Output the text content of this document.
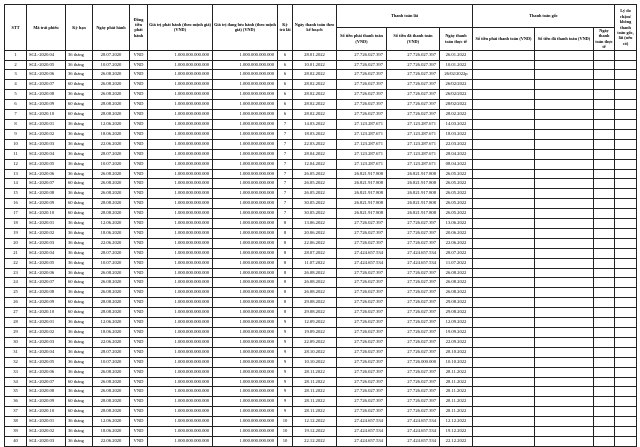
STT	Mã trái phiếu	Kỳ hạn	Ngày phát hành	Đồng tiền phát hành	Giá trị phát hành (theo mệnh giá) (VND)	Giá trị đang lưu hành (theo mệnh giá) (VND)	Kỳ trả lãi	Ngày thanh toán theo kế hoạch	Thanh toán lãi			Thanh toán gốc			Lý do chậm/ không thanh toán gốc, lãi (nếu có)
									Số tiền phải thanh toán (VND)	Số tiền đã thanh toán (VND)	Ngày thanh toán thực tế	Số tiền phải thanh toán (VND)	Số tiền đã thanh toán (VND)	Ngày thanh toán thực tế	
1	SGL-2020.04	36 tháng	28.07.2020	VND	1.000.000.000.000	1.000.000.000.000	6	28.01.2022	27.726.027.397	27.726.027.397	26.01.2022				
2	SGL-2020.05	36 tháng	10.07.2020	VND	1.000.000.000.000	1.000.000.000.000	6	10.01.2022	27.726.027.397	27.726.027.397	10.01.2022				
3	SGL-2020.06	36 tháng	26.08.2020	VND	1.000.000.000.000	1.000.000.000.000	6	28.02.2022	27.726.027.397	27.726.027.397	26/02/2022p				
4	SGL-2020.07	60 tháng	26.08.2020	VND	1.000.000.000.000	1.000.000.000.000	6	28.02.2022	27.726.027.397	27.726.027.397	26/02/2022				
5	SGL-2020.08	36 tháng	26.08.2020	VND	1.000.000.000.000	1.000.000.000.000	6	28.02.2022	27.726.027.397	27.726.027.397	26/02/2022				
6	SGL-2020.09	60 tháng	28.08.2020	VND	1.000.000.000.000	1.000.000.000.000	6	28.02.2022	27.726.027.397	27.726.027.397	28/02/2022				
7	SGL-2020.10	60 tháng	28.08.2020	VND	1.000.000.000.000	1.000.000.000.000	6	28.02.2022	27.726.027.397	27.726.027.397	28.02.2022				
8	SGL-2020.01	36 tháng	12.06.2020	VND	1.000.000.000.000	1.000.000.000.000	7	14.03.2022	27.123.287.671	27.123.287.671	14.03.2022				
9	SGL-2020.02	36 tháng	18.06.2020	VND	1.000.000.000.000	1.000.000.000.000	7	18.03.2022	27.123.287.671	27.123.287.671	18.03.2022				
10	SGL-2020.03	36 tháng	22.06.2020	VND	1.000.000.000.000	1.000.000.000.000	7	22.03.2022	27.123.287.671	27.123.287.671	22.03.2022				
11	SGL-2020.04	36 tháng	28.07.2020	VND	1.000.000.000.000	1.000.000.000.000	7	28.04.2022	27.123.287.671	27.123.287.671	28.04.2022				
12	SGL-2020.05	36 tháng	10.07.2020	VND	1.000.000.000.000	1.000.000.000.000	7	12.04.2022	27.123.287.671	27.123.287.671	08.04.2022				
13	SGL-2020.06	36 tháng	26.08.2020	VND	1.000.000.000.000	1.000.000.000.000	7	26.05.2022	26.821.917.808	26.821.917.808	26.05.2022				
14	SGL-2020.07	60 tháng	26.08.2020	VND	1.000.000.000.000	1.000.000.000.000	7	26.05.2022	26.821.917.808	26.821.917.808	26.05.2022				
15	SGL-2020.08	36 tháng	26.08.2020	VND	1.000.000.000.000	1.000.000.000.000	7	26.05.2022	26.821.917.808	26.821.917.808	26.05.2022				
16	SGL-2020.09	60 tháng	28.08.2020	VND	1.000.000.000.000	1.000.000.000.000	7	30.05.2022	26.821.917.808	26.821.917.808	26.05.2022				
17	SGL-2020.10	60 tháng	28.08.2020	VND	1.000.000.000.000	1.000.000.000.000	7	30.05.2022	26.821.917.808	26.821.917.808	26.05.2022				
18	SGL-2020.01	36 tháng	12.06.2020	VND	1.000.000.000.000	1.000.000.000.000	8	13.06.2022	27.726.027.397	27.726.027.397	13.06.2022				
19	SGL-2020.02	36 tháng	18.06.2020	VND	1.000.000.000.000	1.000.000.000.000	8	20.06.2022	27.726.027.397	27.726.027.397	20.06.2022				
20	SGL-2020.03	36 tháng	22.06.2020	VND	1.000.000.000.000	1.000.000.000.000	8	22.06.2022	27.726.027.397	27.726.027.397	22.06.2022				
21	SGL-2020.04	36 tháng	28.07.2020	VND	1.000.000.000.000	1.000.000.000.000	8	28.07.2022	27.424.657.534	27.424.657.534	28.07.2022				
22	SGL-2020.05	36 tháng	10.07.2020	VND	1.000.000.000.000	1.000.000.000.000	8	11.07.2022	27.424.657.534	27.424.657.534	11.07.2022				
23	SGL-2020.06	36 tháng	26.08.2020	VND	1.000.000.000.000	1.000.000.000.000	8	26.08.2022	27.726.027.397	27.726.027.397	26.08.2022				
24	SGL-2020.07	60 tháng	26.08.2020	VND	1.000.000.000.000	1.000.000.000.000	8	26.08.2022	27.726.027.397	27.726.027.397	26.08.2022				
25	SGL-2020.08	36 tháng	26.08.2020	VND	1.000.000.000.000	1.000.000.000.000	8	26.08.2022	27.726.027.397	27.726.027.397	26.08.2022				
26	SGL-2020.09	60 tháng	28.08.2020	VND	1.000.000.000.000	1.000.000.000.000	8	29.08.2022	27.726.027.397	27.726.027.397	29.08.2022				
27	SGL-2020.10	60 tháng	28.08.2020	VND	1.000.000.000.000	1.000.000.000.000	8	29.08.2022	27.726.027.397	27.726.027.397	29.08.2022				
28	SGL-2020.01	36 tháng	12.06.2020	VND	1.000.000.000.000	1.000.000.000.000	9	12.09.2022	27.726.027.397	27.726.027.397	12.09.2022				
29	SGL-2020.02	36 tháng	18.06.2020	VND	1.000.000.000.000	1.000.000.000.000	9	19.09.2022	27.726.027.397	27.726.027.397	19.09.2022				
30	SGL-2020.03	36 tháng	22.06.2020	VND	1.000.000.000.000	1.000.000.000.000	9	22.09.2022	27.726.027.397	27.726.027.397	22.09.2022				
31	SGL-2020.04	36 tháng	28.07.2020	VND	1.000.000.000.000	1.000.000.000.000	9	28.10.2022	27.726.027.397	27.726.027.397	28.10.2022				
32	SGL-2020.05	36 tháng	10.07.2020	VND	1.000.000.000.000	1.000.000.000.000	9	10.10.2022	27.726.027.397	27.726.000.000	10.10.2022				
33	SGL-2020.06	36 tháng	26.08.2020	VND	1.000.000.000.000	1.000.000.000.000	9	28.11.2022	27.726.027.397	27.726.027.397	28.11.2022				
34	SGL-2020.07	60 tháng	26.08.2020	VND	1.000.000.000.000	1.000.000.000.000	9	28.11.2022	27.726.027.397	27.726.027.397	28.11.2022				
35	SGL-2020.08	36 tháng	26.08.2020	VND	1.000.000.000.000	1.000.000.000.000	9	28.11.2022	27.726.027.397	27.726.027.397	28.11.2022				
36	SGL-2020.09	60 tháng	28.08.2020	VND	1.000.000.000.000	1.000.000.000.000	9	28.11.2022	27.726.027.397	27.726.027.397	28.11.2022				
37	SGL-2020.10	60 tháng	28.08.2020	VND	1.000.000.000.000	1.000.000.000.000	9	28.11.2022	27.726.027.397	27.726.027.397	28.11.2022				
38	SGL-2020.01	36 tháng	12.06.2020	VND	1.000.000.000.000	1.000.000.000.000	10	12.12.2022	27.424.657.534	27.424.657.534	12.12.2022				
39	SGL-2020.02	36 tháng	18.06.2020	VND	1.000.000.000.000	1.000.000.000.000	10	19.12.2022	27.424.657.534	27.424.657.534	19.12.2022				
40	SGL-2020.03	36 tháng	22.06.2020	VND	1.000.000.000.000	1.000.000.000.000	10	22.12.2022	27.424.657.534	27.424.657.534	22.12.2022				
